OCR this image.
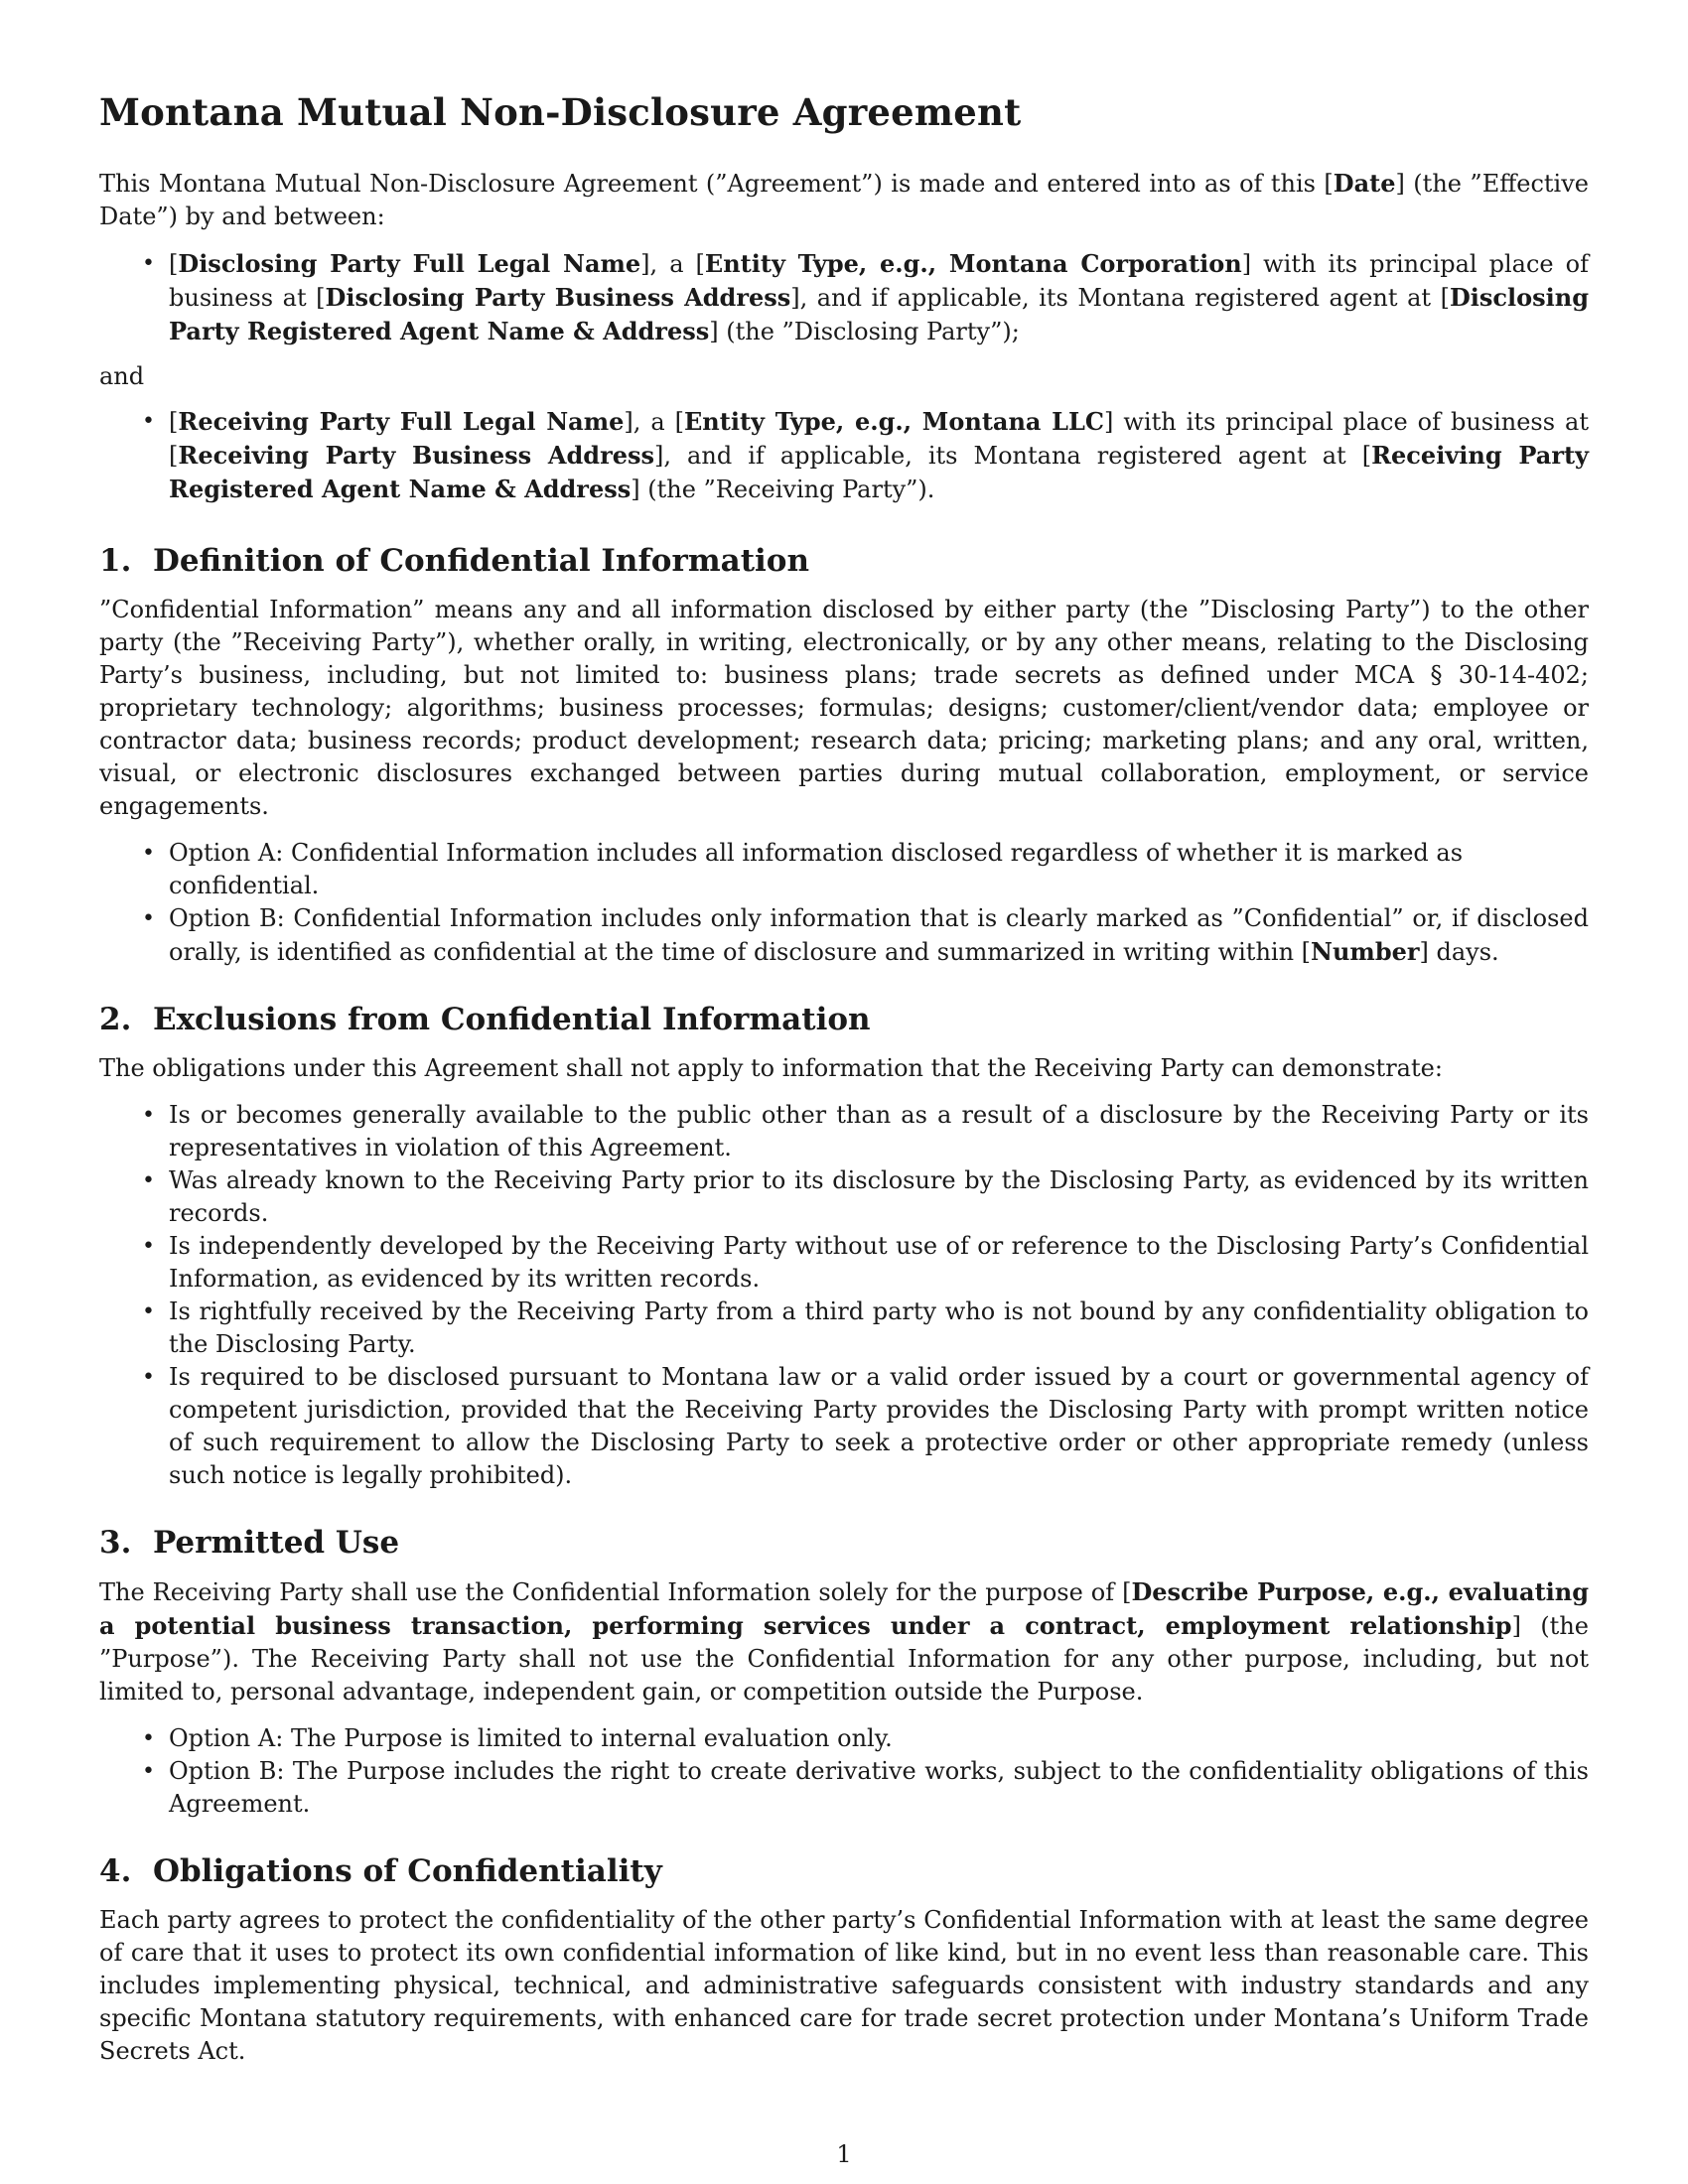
Montana Mutual Non-Disclosure Agreement

This Montana Mutual Non-Disclosure Agreement (”Agreement”) is made and entered into as of this [Date] (the ”Effective Date”) by and between:

• [Disclosing Party Full Legal Name], a [Entity Type, e.g., Montana Corporation] with its principal place of business at [Disclosing Party Business Address], and if applicable, its Montana registered agent at [Disclosing Party Registered Agent Name & Address] (the ”Disclosing Party”);

and

• [Receiving Party Full Legal Name], a [Entity Type, e.g., Montana LLC] with its principal place of business at [Receiving Party Business Address], and if applicable, its Montana registered agent at [Receiving Party Registered Agent Name & Address] (the ”Receiving Party”).
1.  Definition of Confidential Information

”Confidential Information” means any and all information disclosed by either party (the ”Disclosing Party”) to the other party (the ”Receiving Party”), whether orally, in writing, electronically, or by any other means, relating to the Disclosing Party’s business, including, but not limited to: business plans; trade secrets as defined under MCA § 30-14-402; proprietary technology; algorithms; business processes; formulas; designs; customer/client/vendor data; employee or contractor data; business records; product development; research data; pricing; marketing plans; and any oral, written, visual, or electronic disclosures exchanged between parties during mutual collaboration, employment, or service engagements.

• Option A: Confidential Information includes all information disclosed regardless of whether it is marked as confidential.
• Option B: Confidential Information includes only information that is clearly marked as ”Confidential” or, if disclosed orally, is identified as confidential at the time of disclosure and summarized in writing within [Number] days.
2.  Exclusions from Confidential Information

The obligations under this Agreement shall not apply to information that the Receiving Party can demonstrate:

• Is or becomes generally available to the public other than as a result of a disclosure by the Receiving Party or its representatives in violation of this Agreement.
• Was already known to the Receiving Party prior to its disclosure by the Disclosing Party, as evidenced by its written records.
• Is independently developed by the Receiving Party without use of or reference to the Disclosing Party’s Confidential Information, as evidenced by its written records.
• Is rightfully received by the Receiving Party from a third party who is not bound by any confidentiality obligation to the Disclosing Party.
• Is required to be disclosed pursuant to Montana law or a valid order issued by a court or governmental agency of competent jurisdiction, provided that the Receiving Party provides the Disclosing Party with prompt written notice of such requirement to allow the Disclosing Party to seek a protective order or other appropriate remedy (unless such notice is legally prohibited).
3.  Permitted Use

The Receiving Party shall use the Confidential Information solely for the purpose of [Describe Purpose, e.g., evaluating a potential business transaction, performing services under a contract, employment relationship] (the ”Purpose”). The Receiving Party shall not use the Confidential Information for any other purpose, including, but not limited to, personal advantage, independent gain, or competition outside the Purpose.

• Option A: The Purpose is limited to internal evaluation only.
• Option B: The Purpose includes the right to create derivative works, subject to the confidentiality obligations of this Agreement.
4.  Obligations of Confidentiality

Each party agrees to protect the confidentiality of the other party’s Confidential Information with at least the same degree of care that it uses to protect its own confidential information of like kind, but in no event less than reasonable care. This includes implementing physical, technical, and administrative safeguards consistent with industry standards and any specific Montana statutory requirements, with enhanced care for trade secret protection under Montana’s Uniform Trade Secrets Act.

1
